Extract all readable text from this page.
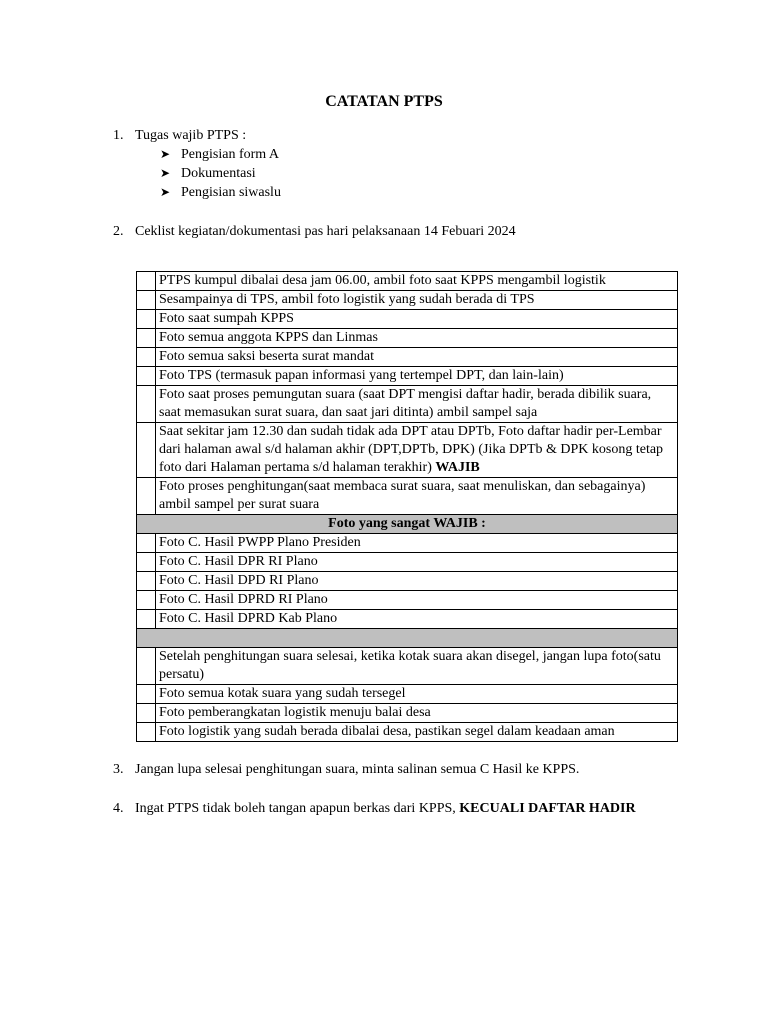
CATATAN PTPS
1. Tugas wajib PTPS :
➤ Pengisian form A
➤ Dokumentasi
➤ Pengisian siwaslu
2. Ceklist kegiatan/dokumentasi pas hari pelaksanaan 14 Febuari 2024
	PTPS kumpul dibalai desa jam 06.00, ambil foto saat KPPS mengambil logistik
	Sesampainya di TPS, ambil foto logistik yang sudah berada di TPS
	Foto saat sumpah KPPS
	Foto semua anggota KPPS dan Linmas
	Foto semua saksi beserta surat mandat
	Foto TPS (termasuk papan informasi yang tertempel DPT, dan lain-lain)
	Foto saat proses pemungutan suara (saat DPT mengisi daftar hadir, berada dibilik suara, saat memasukan surat suara, dan saat jari ditinta) ambil sampel saja
	Saat sekitar jam 12.30 dan sudah tidak ada DPT atau DPTb, Foto daftar hadir per-Lembar dari halaman awal s/d halaman akhir (DPT,DPTb, DPK) (Jika DPTb & DPK kosong tetap foto dari Halaman pertama s/d halaman terakhir) WAJIB
	Foto proses penghitungan(saat membaca surat suara, saat menuliskan, dan sebagainya) ambil sampel per surat suara
Foto yang sangat WAJIB :	
	Foto C. Hasil PWPP Plano Presiden
	Foto C. Hasil DPR RI Plano
	Foto C. Hasil DPD RI Plano
	Foto C. Hasil DPRD RI Plano
	Foto C. Hasil DPRD Kab Plano

	Setelah penghitungan suara selesai, ketika kotak suara akan disegel, jangan lupa foto(satu persatu)
	Foto semua kotak suara yang sudah tersegel
	Foto pemberangkatan logistik menuju balai desa
	Foto logistik yang sudah berada dibalai desa, pastikan segel dalam keadaan aman
3. Jangan lupa selesai penghitungan suara, minta salinan semua C Hasil ke KPPS.
4. Ingat PTPS tidak boleh tangan apapun berkas dari KPPS, KECUALI DAFTAR HADIR
